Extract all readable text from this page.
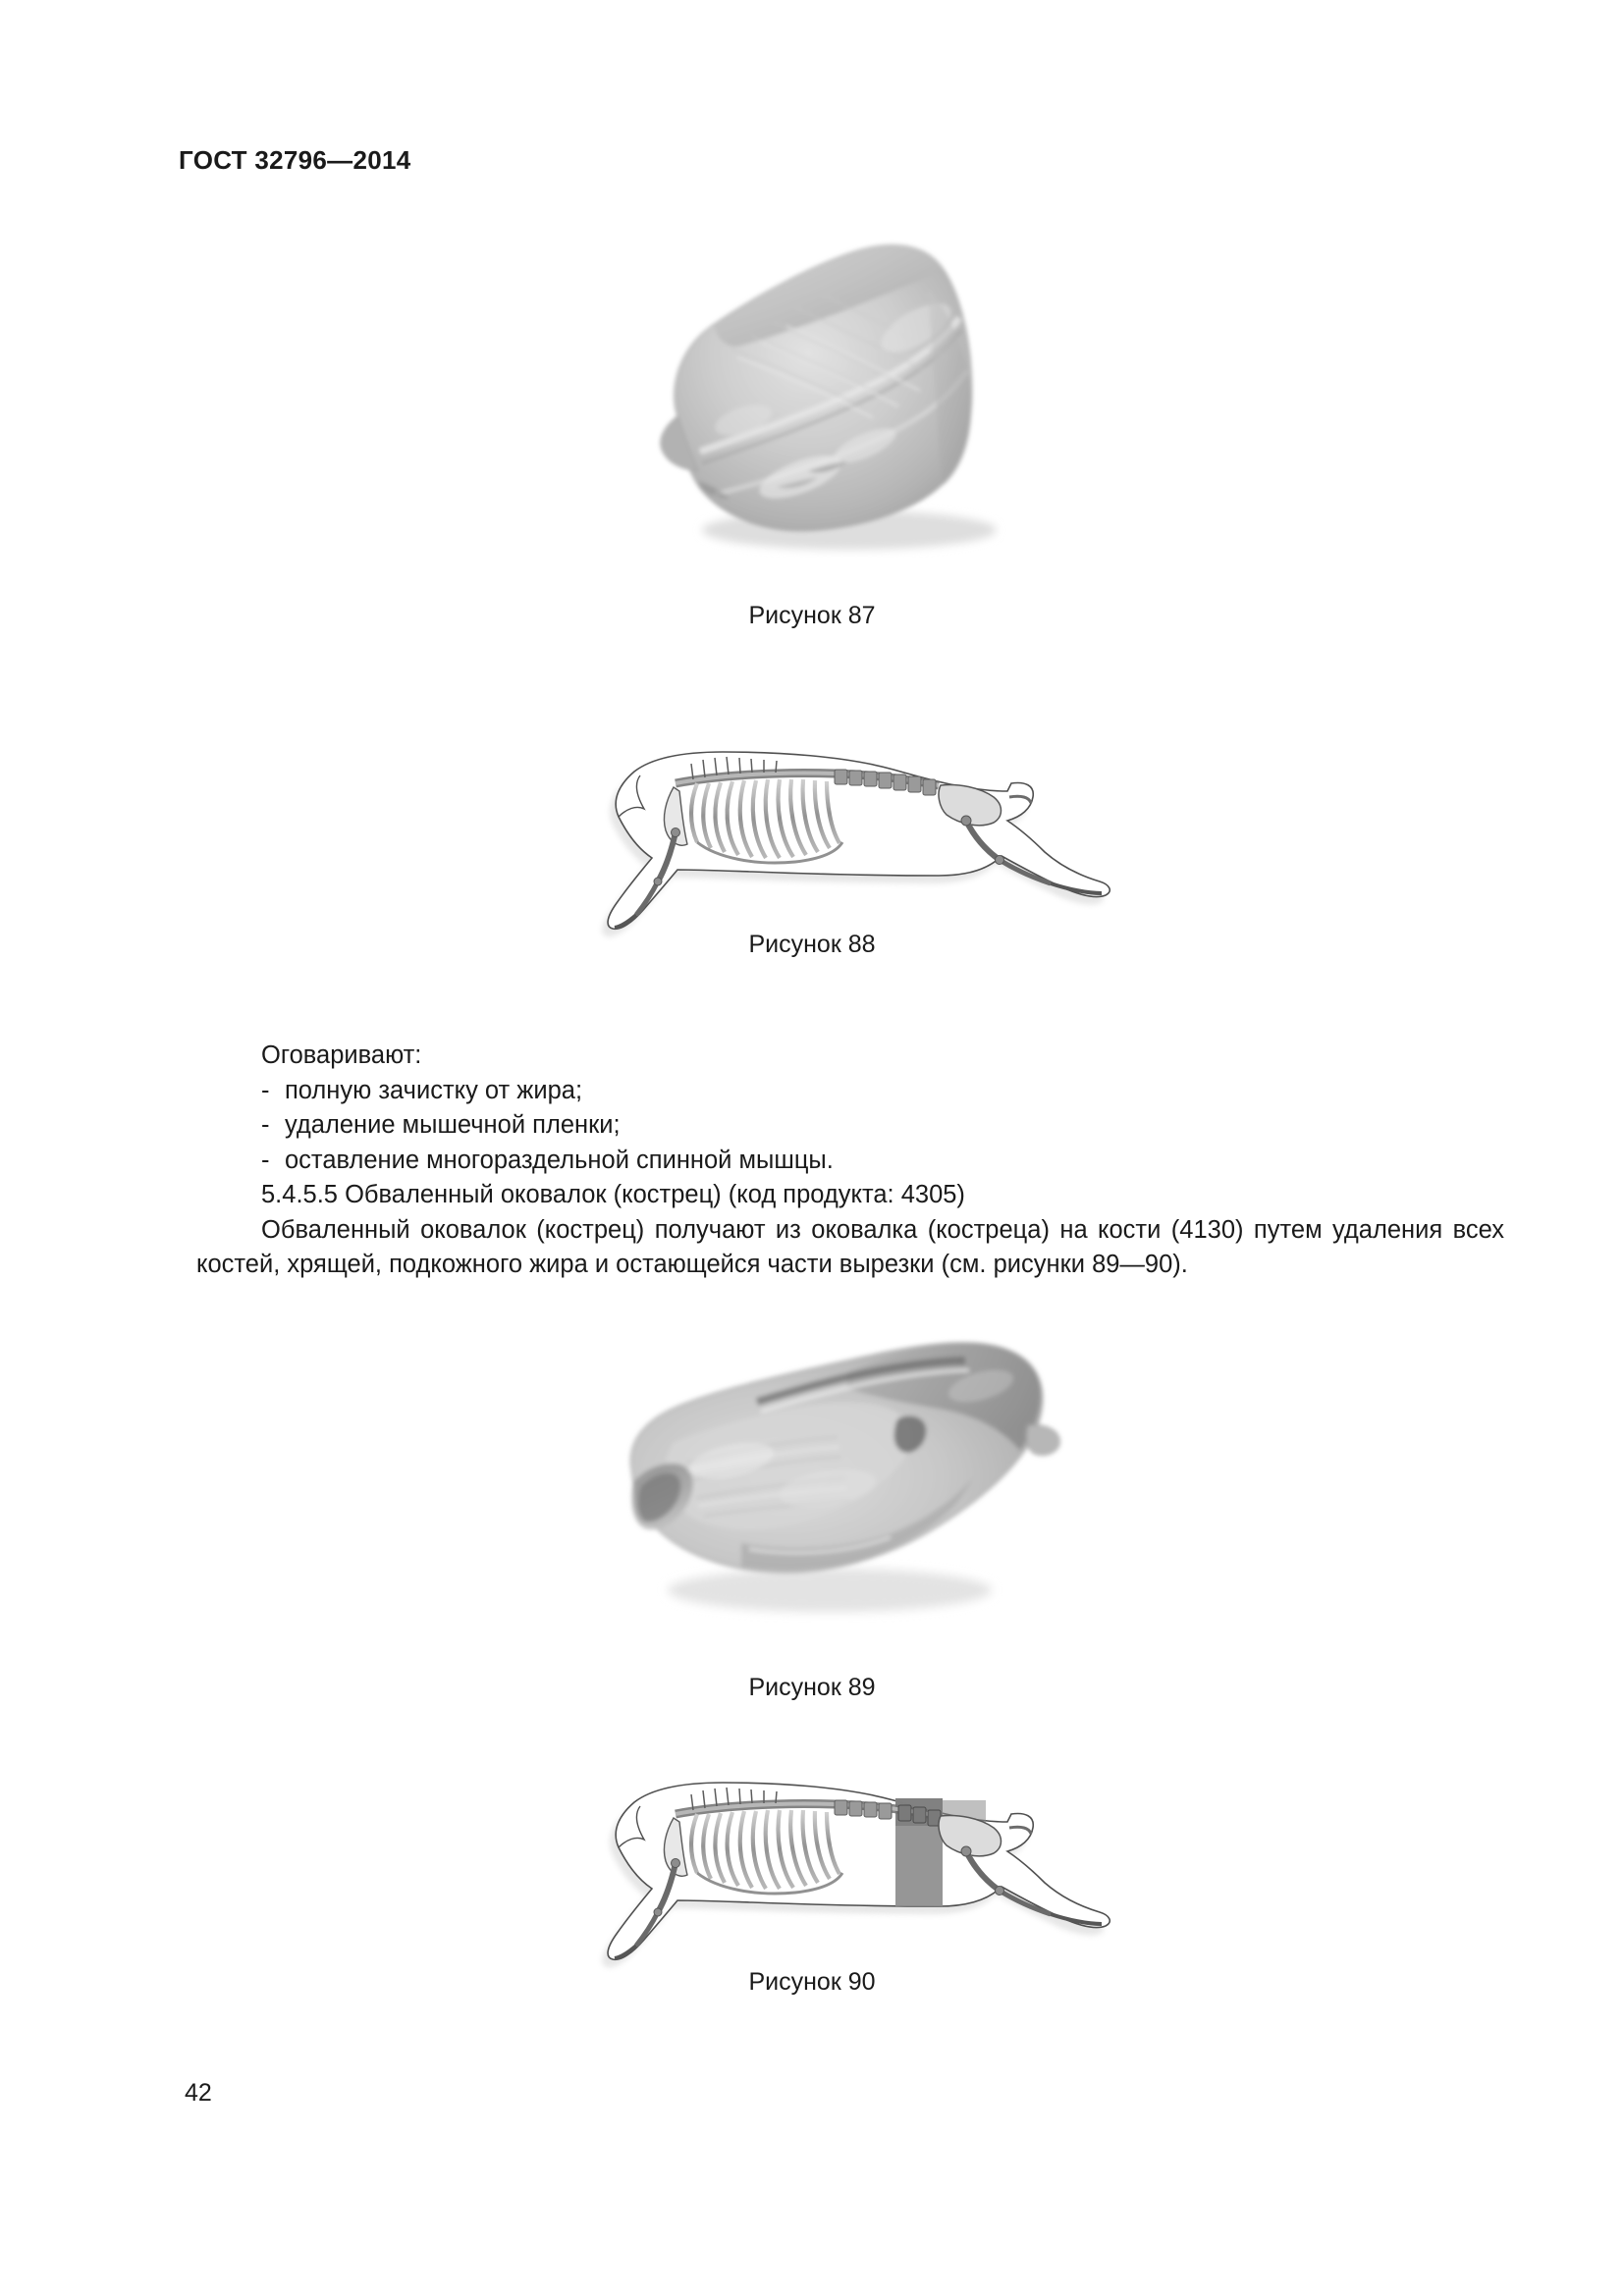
ГОСТ 32796—2014
Рисунок 87
Рисунок 88

Оговаривают:

- полную зачистку от жира;
- удаление мышечной пленки;
- оставление многораздельной спинной мышцы.

5.4.5.5 Обваленный оковалок (кострец) (код продукта: 4305)

Обваленный оковалок (кострец) получают из оковалка (костреца) на кости (4130) путем удаления всех костей, хрящей, подкожного жира и остающейся части вырезки (см. рисунки 89—90).

Рисунок 89
Рисунок 90
42
